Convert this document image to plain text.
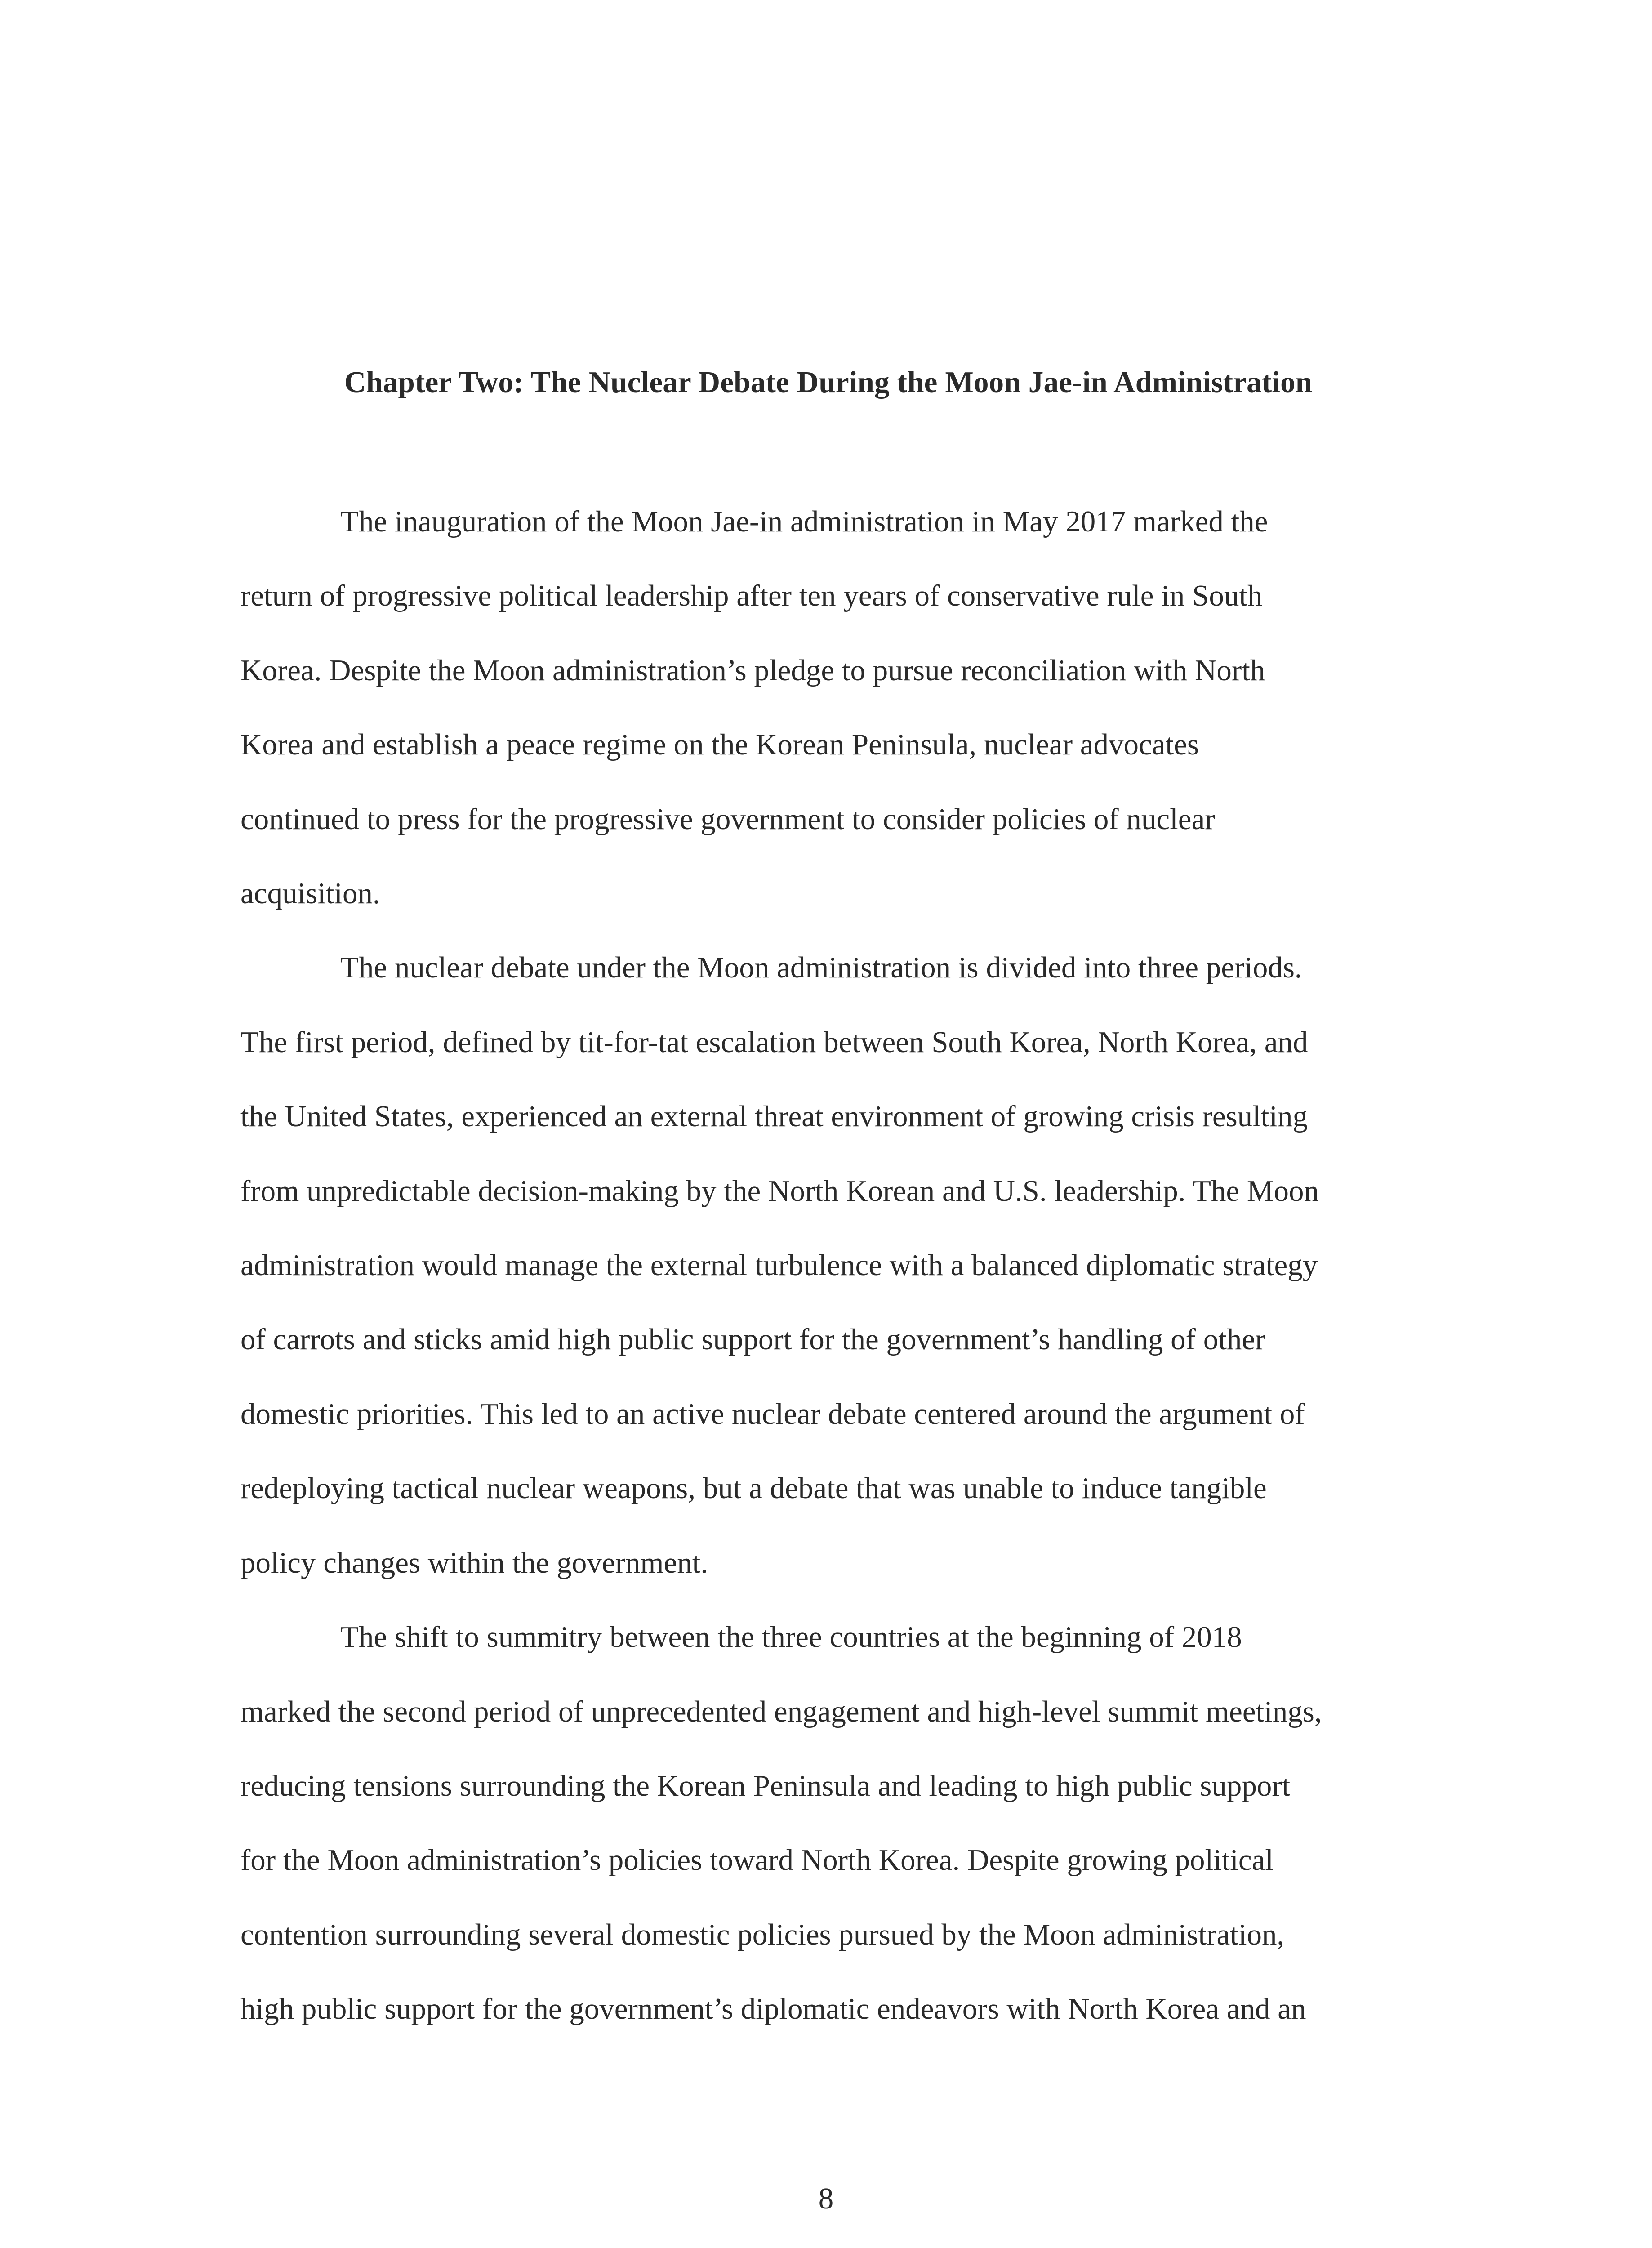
Chapter Two: The Nuclear Debate During the Moon Jae-in Administration

The inauguration of the Moon Jae-in administration in May 2017 marked the
return of progressive political leadership after ten years of conservative rule in South
Korea. Despite the Moon administration’s pledge to pursue reconciliation with North
Korea and establish a peace regime on the Korean Peninsula, nuclear advocates
continued to press for the progressive government to consider policies of nuclear
acquisition.

The nuclear debate under the Moon administration is divided into three periods.
The first period, defined by tit-for-tat escalation between South Korea, North Korea, and
the United States, experienced an external threat environment of growing crisis resulting
from unpredictable decision-making by the North Korean and U.S. leadership. The Moon
administration would manage the external turbulence with a balanced diplomatic strategy
of carrots and sticks amid high public support for the government’s handling of other
domestic priorities. This led to an active nuclear debate centered around the argument of
redeploying tactical nuclear weapons, but a debate that was unable to induce tangible
policy changes within the government.

The shift to summitry between the three countries at the beginning of 2018
marked the second period of unprecedented engagement and high-level summit meetings,
reducing tensions surrounding the Korean Peninsula and leading to high public support
for the Moon administration’s policies toward North Korea. Despite growing political
contention surrounding several domestic policies pursued by the Moon administration,
high public support for the government’s diplomatic endeavors with North Korea and an

8
